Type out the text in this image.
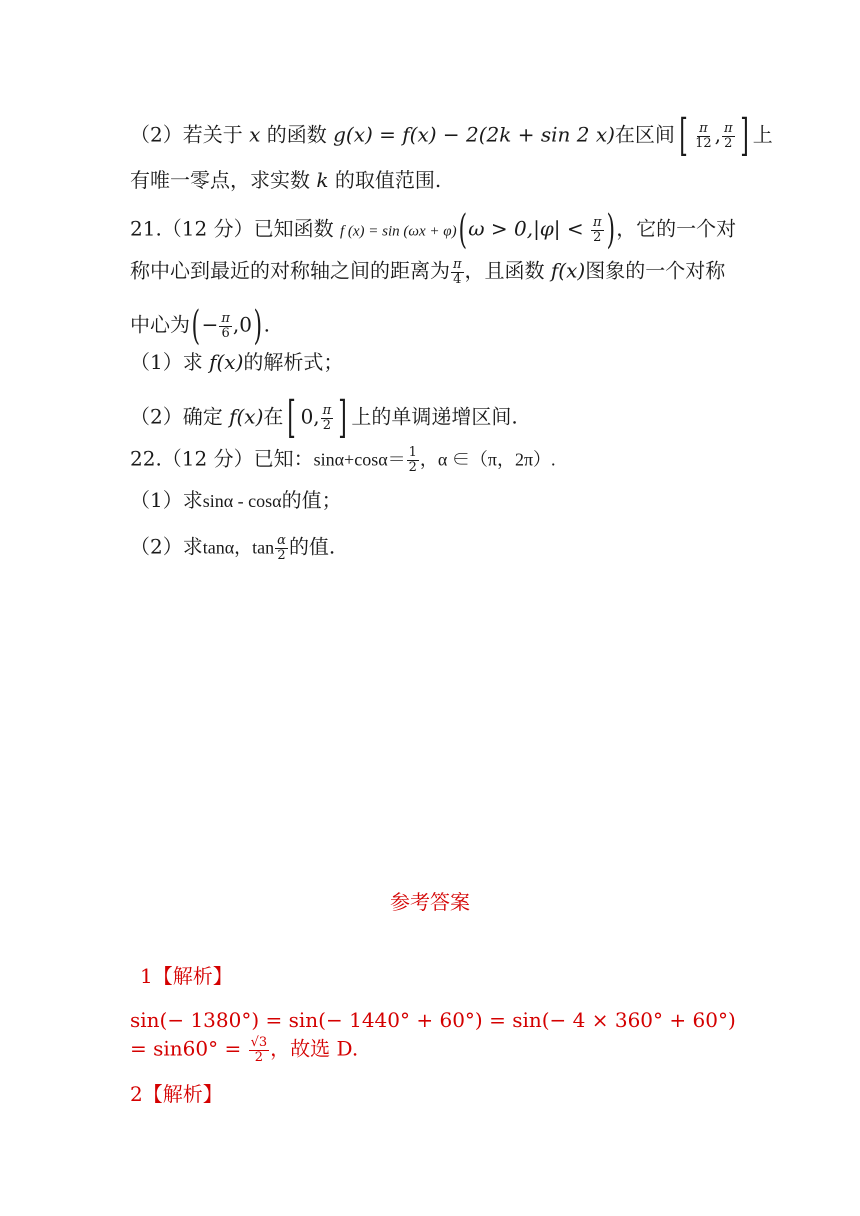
（2）若关于 x 的函数 g(x) = f(x) − 2(2k + sin 2 x)在区间[ $\frac{\pi}{12}$ , $\frac{\pi}{2}$ ] 上
有唯一零点，求实数 k 的取值范围.
21.（12 分）已知函数 f $(x) = \sin (\omega x + \varphi)(\omega > 0,|\varphi| < \frac{\pi}{2}$ )，它的一个对
称中心到最近的对称轴之间的距离为 $\frac{\pi}{4}$ ，且函数 f(x)图象的一个对称
中心为(− $\frac{\pi}{6} ,0$).
（1）求 f(x)的解析式；
（2）确定 f(x)在[ 0, $\frac{\pi}{2}$ ] 上的单调递增区间.
22.（12 分）已知：$\sin\alpha+\cos\alpha= \frac{1}{2}$ ，α ∈（π，2π）.
（1）求sinα - cosα的值；
（2）求tanα，$\tan \frac{\alpha}{2}$ 的值.
参考答案
1【解析】
sin(− 1380°) = sin(− 1440° + 60°) = sin(− 4 × 360° + 60°)
= $\sin 60^\circ = \frac{√3}{2}$ ，故选 D.
2【解析】
